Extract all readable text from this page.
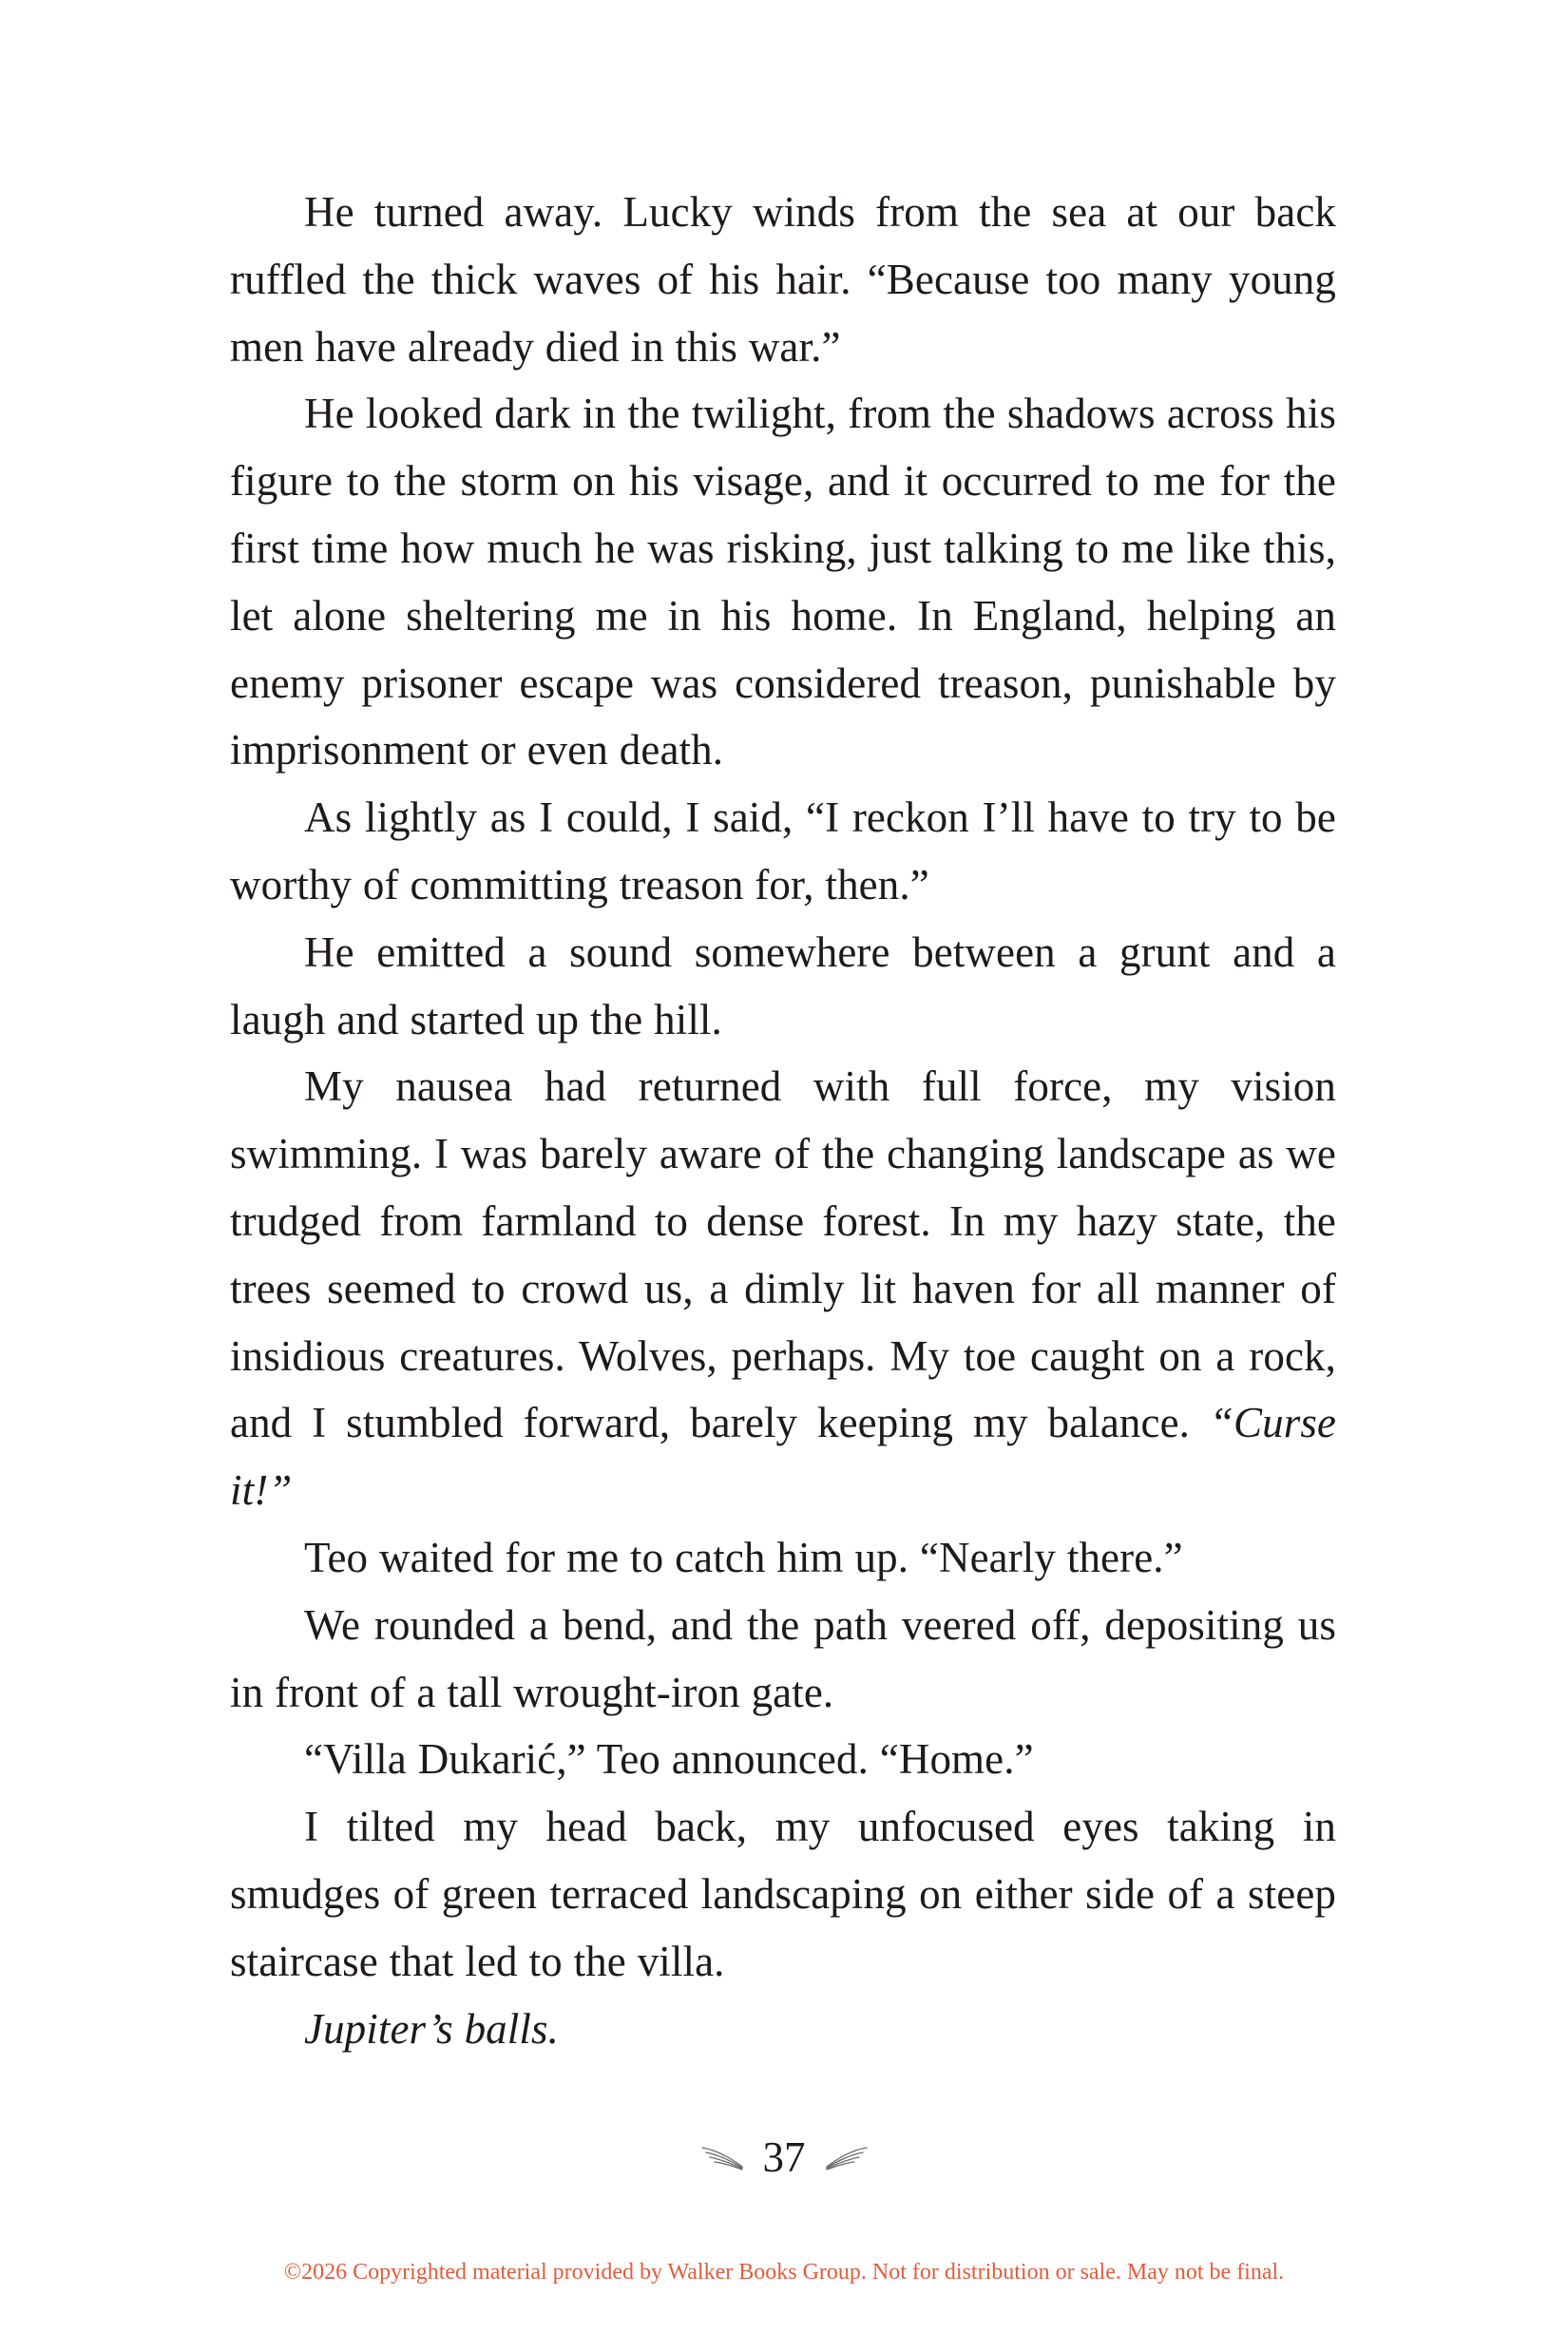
He turned away. Lucky winds from the sea at our back ruffled the thick waves of his hair. “Because too many young men have already died in this war.”

He looked dark in the twilight, from the shadows across his figure to the storm on his visage, and it occurred to me for the first time how much he was risking, just talking to me like this, let alone sheltering me in his home. In England, helping an enemy prisoner escape was considered treason, punishable by imprisonment or even death.

As lightly as I could, I said, “I reckon I’ll have to try to be worthy of committing treason for, then.”

He emitted a sound somewhere between a grunt and a laugh and started up the hill.

My nausea had returned with full force, my vision swimming. I was barely aware of the changing landscape as we trudged from farmland to dense forest. In my hazy state, the trees seemed to crowd us, a dimly lit haven for all manner of insidious creatures. Wolves, perhaps. My toe caught on a rock, and I stumbled forward, barely keeping my balance. “Curse it!”

Teo waited for me to catch him up. “Nearly there.”

We rounded a bend, and the path veered off, depositing us in front of a tall wrought-iron gate.

“Villa Dukarić,” Teo announced. “Home.”

I tilted my head back, my unfocused eyes taking in smudges of green terraced landscaping on either side of a steep staircase that led to the villa.

Jupiter’s balls.

37
©2026 Copyrighted material provided by Walker Books Group. Not for distribution or sale. May not be final.
